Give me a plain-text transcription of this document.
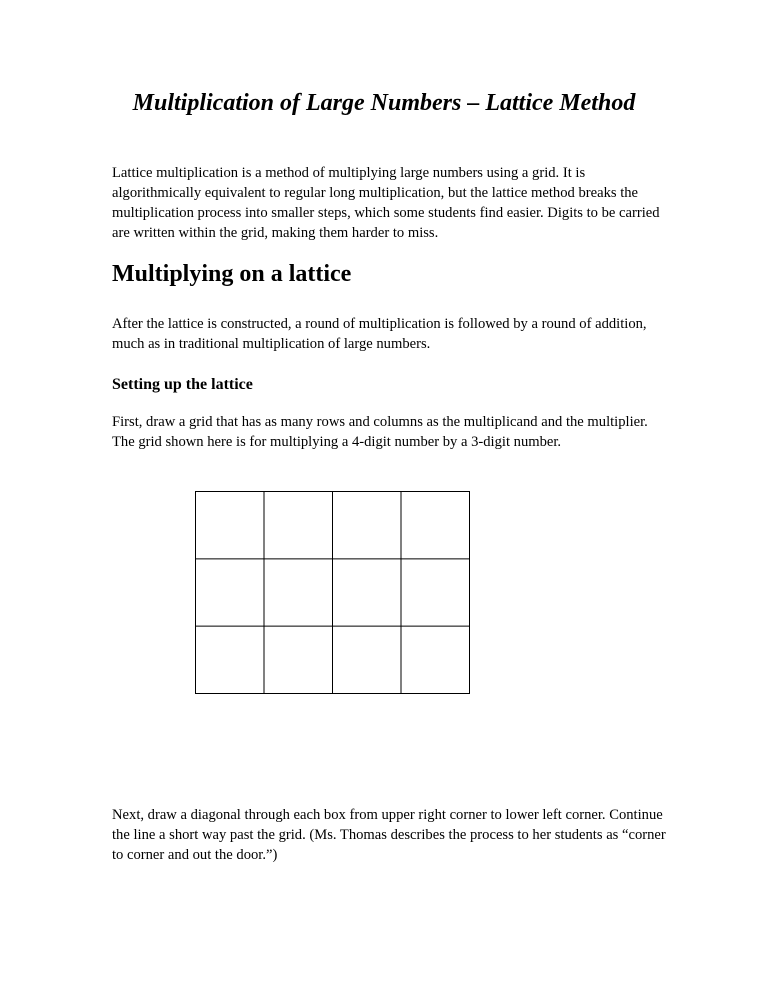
Multiplication of Large Numbers – Lattice Method

Lattice multiplication is a method of multiplying large numbers using a grid. It is algorithmically equivalent to regular long multiplication, but the lattice method breaks the multiplication process into smaller steps, which some students find easier. Digits to be carried are written within the grid, making them harder to miss.

Multiplying on a lattice

After the lattice is constructed, a round of multiplication is followed by a round of addition, much as in traditional multiplication of large numbers.

Setting up the lattice

First, draw a grid that has as many rows and columns as the multiplicand and the multiplier. The grid shown here is for multiplying a 4-digit number by a 3-digit number.

Next, draw a diagonal through each box from upper right corner to lower left corner. Continue the line a short way past the grid. (Ms. Thomas describes the process to her students as “corner to corner and out the door.”)
